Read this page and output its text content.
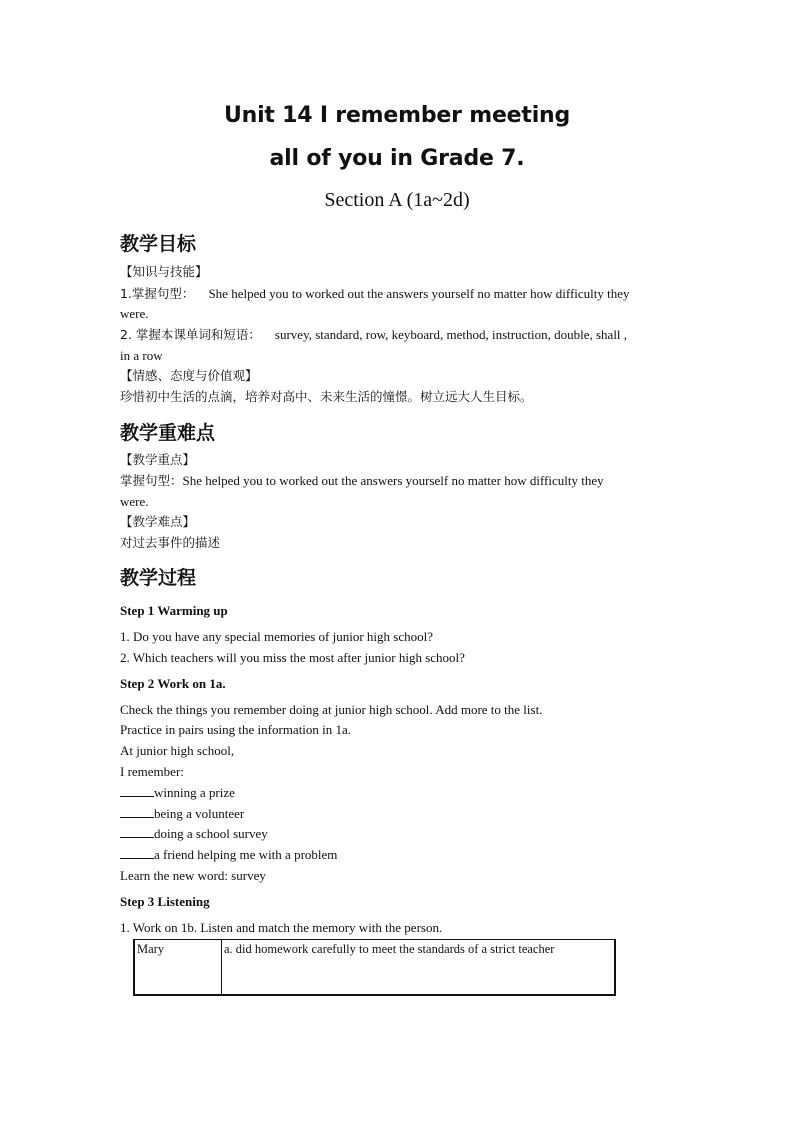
Unit 14 I remember meeting
all of you in Grade 7.
Section A (1a~2d)
教学目标
【知识与技能】
1.掌握句型： She helped you to worked out the answers yourself no matter how difficulty they
were.
2. 掌握本课单词和短语： survey, standard, row, keyboard, method, instruction, double, shall ,
in a row
【情感、态度与价值观】
珍惜初中生活的点滴，培养对高中、未来生活的憧憬。树立远大人生目标。
教学重难点
【教学重点】
掌握句型：She helped you to worked out the answers yourself no matter how difficulty they
were.
【教学难点】
对过去事件的描述
教学过程
Step 1 Warming up
1. Do you have any special memories of junior high school?
2. Which teachers will you miss the most after junior high school?
Step 2 Work on 1a.
Check the things you remember doing at junior high school. Add more to the list.
Practice in pairs using the information in 1a.
At junior high school,
I remember:
winning a prize
being a volunteer
doing a school survey
a friend helping me with a problem
Learn the new word: survey
Step 3 Listening
1. Work on 1b. Listen and match the memory with the person.
Mary	a. did homework carefully to meet the standards of a strict teacher
